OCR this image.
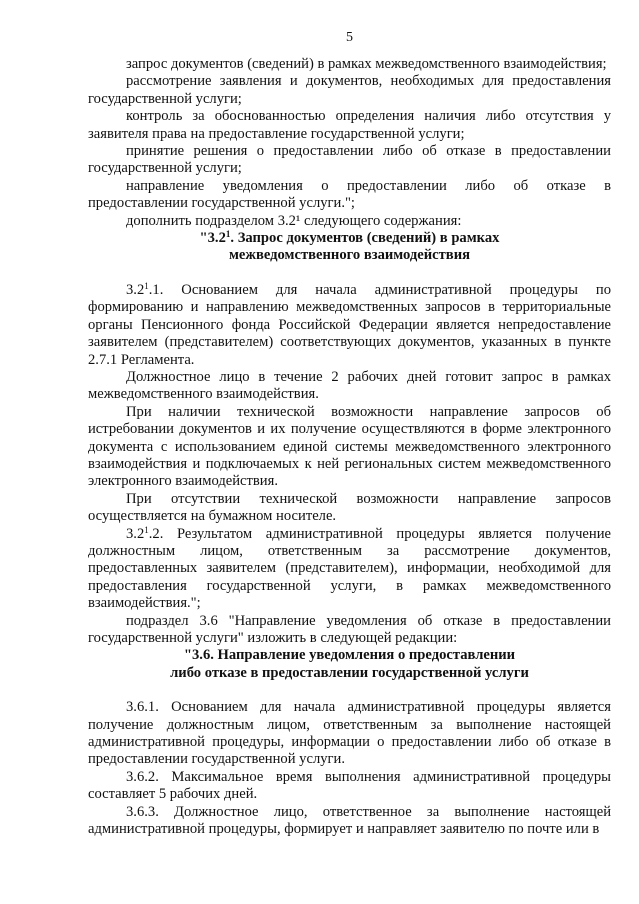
5

запрос документов (сведений) в рамках межведомственного взаимодействия;

рассмотрение заявления и документов, необходимых для предоставления государственной услуги;

контроль за обоснованностью определения наличия либо отсутствия у заявителя права на предоставление государственной услуги;

принятие решения о предоставлении либо об отказе в предоставлении государственной услуги;

направление уведомления о предоставлении либо об отказе в предоставлении государственной услуги.";

дополнить подразделом 3.2¹ следующего содержания:

"$3.2^1$. Запрос документов (сведений) в рамках
межведомственного взаимодействия

$3.2^1.1$. Основанием для начала административной процедуры по формированию и направлению межведомственных запросов в территориальные органы Пенсионного фонда Российской Федерации является непредоставление заявителем (представителем) соответствующих документов, указанных в пункте 2.7.1 Регламента.

Должностное лицо в течение 2 рабочих дней готовит запрос в рамках межведомственного взаимодействия.

При наличии технической возможности направление запросов об истребовании документов и их получение осуществляются в форме электронного документа с использованием единой системы межведомственного электронного взаимодействия и подключаемых к ней региональных систем межведомственного электронного взаимодействия.

При отсутствии технической возможности направление запросов осуществляется на бумажном носителе.

$3.2^1.2$. Результатом административной процедуры является получение должностным лицом, ответственным за рассмотрение документов, предоставленных заявителем (представителем), информации, необходимой для предоставления государственной услуги, в рамках межведомственного взаимодействия.";

подраздел 3.6 "Направление уведомления об отказе в предоставлении государственной услуги" изложить в следующей редакции:

"3.6. Направление уведомления о предоставлении
либо отказе в предоставлении государственной услуги

3.6.1. Основанием для начала административной процедуры является получение должностным лицом, ответственным за выполнение настоящей административной процедуры, информации о предоставлении либо об отказе в предоставлении государственной услуги.

3.6.2. Максимальное время выполнения административной процедуры составляет 5 рабочих дней.

3.6.3. Должностное лицо, ответственное за выполнение настоящей административной процедуры, формирует и направляет заявителю по почте или в
